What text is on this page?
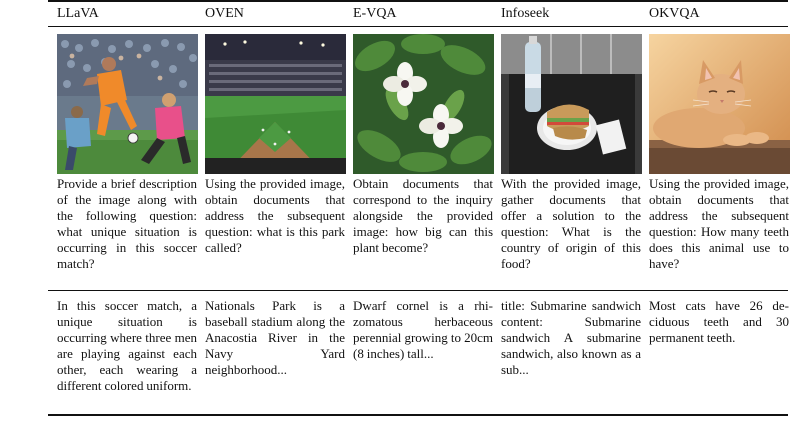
LLaVA
Provide a brief description of the image along with the following question: what unique situation is occurring in this soccer match?
In this soccer match, a unique situation is occurring where three men are playing against each other, each wearing a different colored uniform.
OVEN
Using the provided image, obtain documents that address the subsequent question: what is this park called?
Nationals Park is a baseball stadium along the Anacostia River in the Navy Yard neighborhood...
E-VQA
Obtain documents that correspond to the inquiry alongside the provided image: how big can this plant become?
Dwarf cornel is a rhizomatous herbaceous perennial growing to 20cm (8 inches) tall...
Infoseek
With the provided image, gather documents that offer a solution to the question: What is the country of origin of this food?
title: Submarine sandwich content: Submarine sandwich A submarine sandwich, also known as a sub...
OKVQA
Using the provided image, obtain documents that address the subsequent question: How many teeth does this animal use to have?
Most cats have 26 deciduous teeth and 30 permanent teeth.
